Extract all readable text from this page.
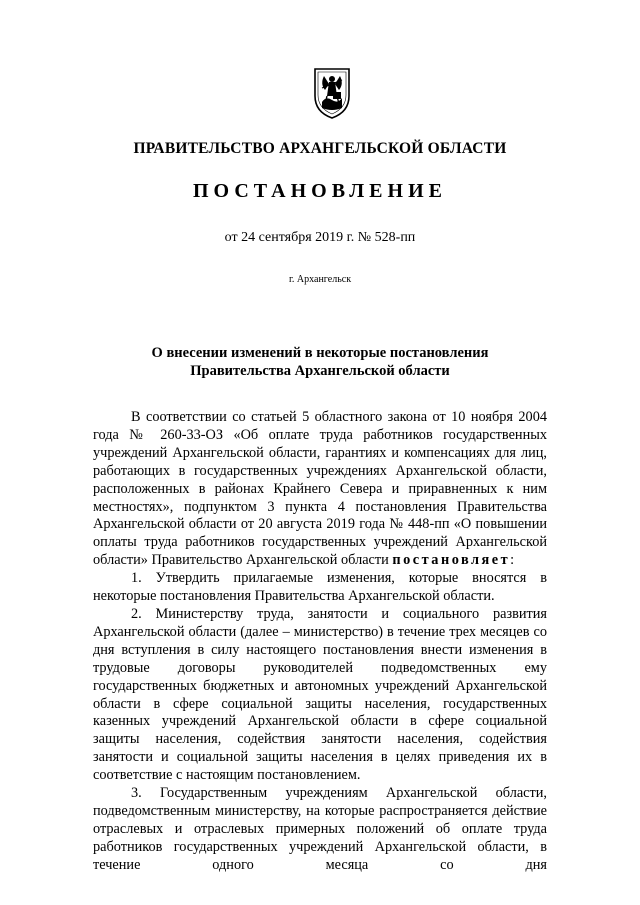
ПРАВИТЕЛЬСТВО АРХАНГЕЛЬСКОЙ ОБЛАСТИ
ПОСТАНОВЛЕНИЕ
от 24 сентября 2019 г. № 528-пп
г. Архангельск
О внесении изменений в некоторые постановления
Правительства Архангельской области

В соответствии со статьей 5 областного закона от 10 ноября 2004 года № 260-33-ОЗ «Об оплате труда работников государственных учреждений Архангельской области, гарантиях и компенсациях для лиц, работающих в государственных учреждениях Архангельской области, расположенных в районах Крайнего Севера и приравненных к ним местностях», подпунктом 3 пункта 4 постановления Правительства Архангельской области от 20 августа 2019 года № 448-пп «О повышении оплаты труда работников государственных учреждений Архангельской области» Правительство Архангельской области постановляет:

1. Утвердить прилагаемые изменения, которые вносятся в некоторые постановления Правительства Архангельской области.

2. Министерству труда, занятости и социального развития Архангельской области (далее – министерство) в течение трех месяцев со дня вступления в силу настоящего постановления внести изменения в трудовые договоры руководителей подведомственных ему государственных бюджетных и автономных учреждений Архангельской области в сфере социальной защиты населения, государственных казенных учреждений Архангельской области в сфере социальной защиты населения, содействия занятости населения, содействия занятости и социальной защиты населения в целях приведения их в соответствие с настоящим постановлением.

3. Государственным учреждениям Архангельской области, подведомственным министерству, на которые распространяется действие отраслевых и отраслевых примерных положений об оплате труда работников государственных учреждений Архангельской области, в течение одного месяца со дня
